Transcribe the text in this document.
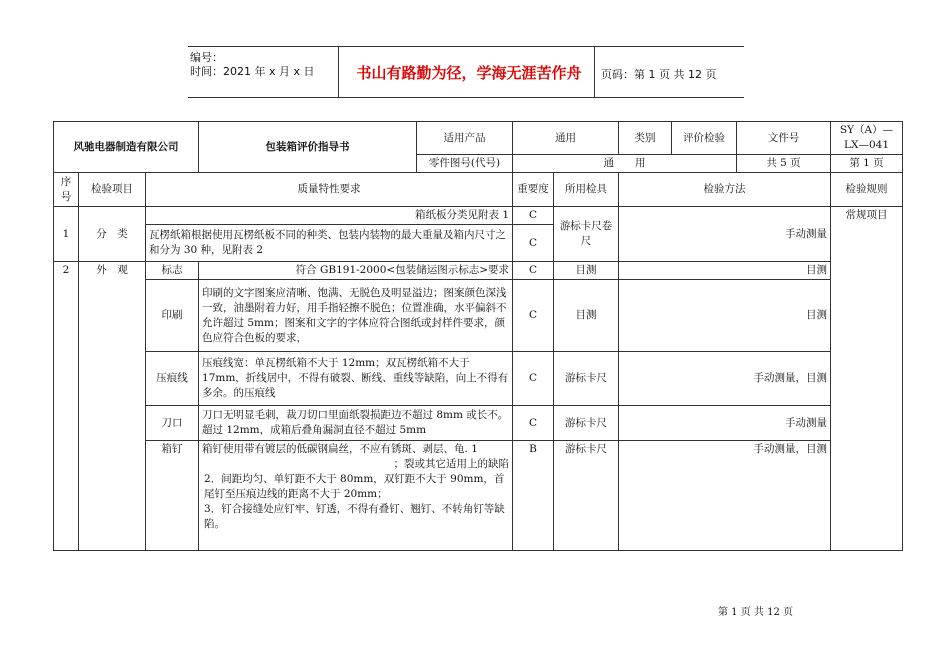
编号：
时间：2021 年 x 月 x 日	书山有路勤为径，学海无涯苦作舟	页码：第 1 页 共 12 页
风驰电器制造有限公司			包装箱评价指导书	适用产品	通用		类别	评价检验	文件号	SY（A）—LX—041
				零件图号(代号)	通　　用				共 5 页	第 1 页
序号	检验项目	质量特性要求			重要度	所用检具	检验方法			检验规则
1	分　类	箱纸板分类见附表 1			C	游标卡尺卷尺	手动测量			常规项目
		瓦楞纸箱根据使用瓦楞纸板不同的种类、包装内装物的最大重量及箱内尺寸之和分为 30 种，见附表 2			C					
2	外　观	标志	符合 GB191-2000<包装储运图示标志>要求		C	目测	目测			
		印刷	印刷的文字图案应清晰、饱满、无脱色及明显溢边；图案颜色深浅一致，油墨附着力好，用手指轻擦不脱色；位置准确，水平偏斜不允许超过 5mm；图案和文字的字体应符合图纸或封样件要求，颜色应符合色板的要求，		C	目测	目测			
		压痕线	压痕线宽：单瓦楞纸箱不大于 12mm；双瓦楞纸箱不大于 17mm，折线居中，不得有破裂、断线、重线等缺陷，向上不得有多余。的压痕线		C	游标卡尺	手动测量，目测			
		刀口	刀口无明显毛刺，裁刀切口里面纸裂损距边不超过 8mm 或长不。超过 12mm，成箱后叠角漏洞直径不超过 5mm		C	游标卡尺	手动测量			
		箱钉	箱钉使用带有镀层的低碳钢扁丝，不应有锈斑、剥层、龟. 1
；裂或其它适用上的缺陷
2．间距均匀、单钉距不大于 80mm，双钉距不大于 90mm，首尾钉至压痕边线的距离不大于 20mm；
3．钉合接缝处应钉牢、钉透，不得有叠钉、翘钉、不转角钉等缺陷。		B	游标卡尺	手动测量，目测			
第 1 页 共 12 页
